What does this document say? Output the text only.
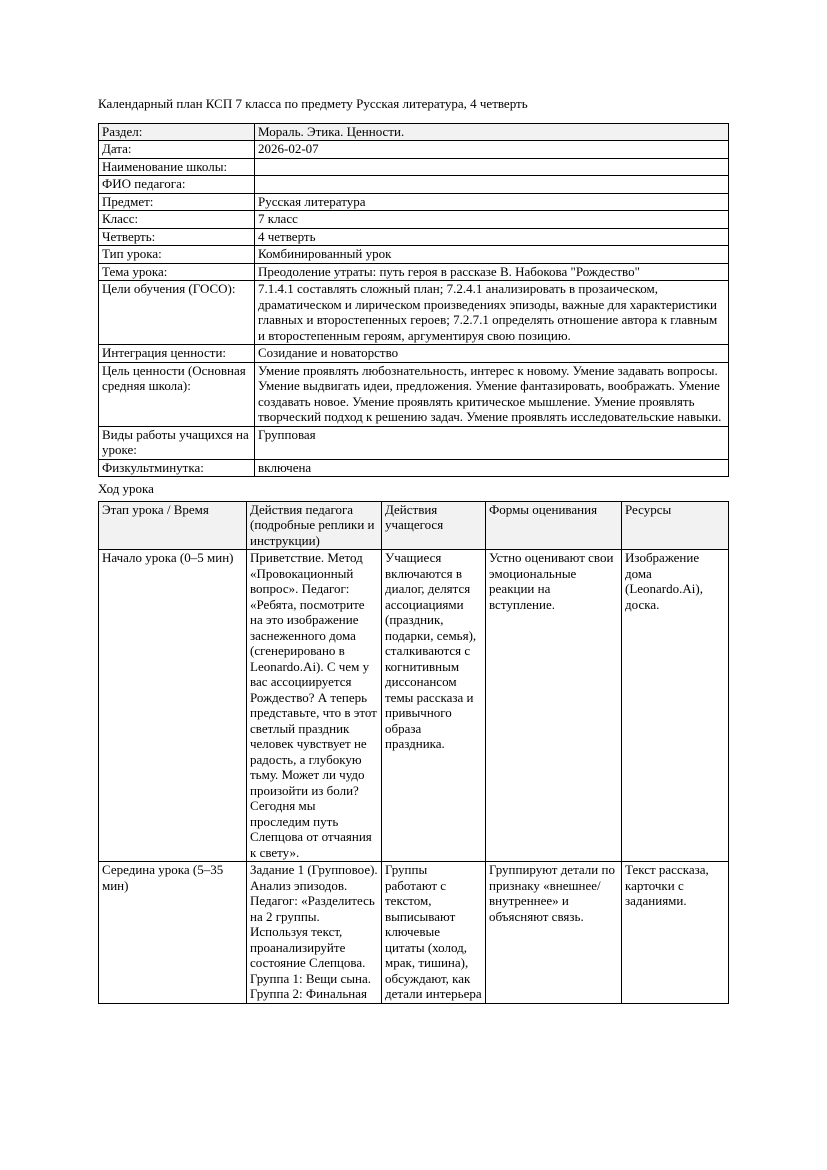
Календарный план КСП 7 класса по предмету Русская литература, 4 четверть
Раздел:	Мораль. Этика. Ценности.
Дата:	2026-02-07
Наименование школы:	
ФИО педагога:	
Предмет:	Русская литература
Класс:	7 класс
Четверть:	4 четверть
Тип урока:	Комбинированный урок
Тема урока:	Преодоление утраты: путь героя в рассказе В. Набокова "Рождество"
Цели обучения (ГОСО):	7.1.4.1 составлять сложный план; 7.2.4.1 анализировать в прозаическом, драматическом и лирическом произведениях эпизоды, важные для характеристики главных и второстепенных героев; 7.2.7.1 определять отношение автора к главным и второстепенным героям, аргументируя свою позицию.
Интеграция ценности:	Созидание и новаторство
Цель ценности (Основная средняя школа):	Умение проявлять любознательность, интерес к новому. Умение задавать вопросы. Умение выдвигать идеи, предложения. Умение фантазировать, воображать. Умение создавать новое. Умение проявлять критическое мышление. Умение проявлять творческий подход к решению задач. Умение проявлять исследовательские навыки.
Виды работы учащихся на уроке:	Групповая
Физкультминутка:	включена
Ход урока
Этап урока / Время	Действия педагога (подробные реплики и инструкции)	Действия учащегося	Формы оценивания	Ресурсы
Начало урока (0–5 мин)	Приветствие. Метод «Провокационный вопрос». Педагог: «Ребята, посмотрите на это изображение заснеженного дома (сгенерировано в Leonardo.Ai). С чем у вас ассоциируется Рождество? А теперь представьте, что в этот светлый праздник человек чувствует не радость, а глубокую тьму. Может ли чудо произойти из боли? Сегодня мы проследим путь Слепцова от отчаяния к свету».	Учащиеся включаются в диалог, делятся ассоциациями (праздник, подарки, семья), сталкиваются с когнитивным диссонансом темы рассказа и привычного образа праздника.	Устно оценивают свои эмоциональные реакции на вступление.	Изображение дома (Leonardo.Ai), доска.
Середина урока (5–35 мин)	Задание 1 (Групповое). Анализ эпизодов. Педагог: «Разделитесь на 2 группы. Используя текст, проанализируйте состояние Слепцова. Группа 1: Вещи сына. Группа 2: Финальная	Группы работают с текстом, выписывают ключевые цитаты (холод, мрак, тишина), обсуждают, как детали интерьера	Группируют детали по признаку «внешнее/внутреннее» и объясняют связь.	Текст рассказа, карточки с заданиями.
